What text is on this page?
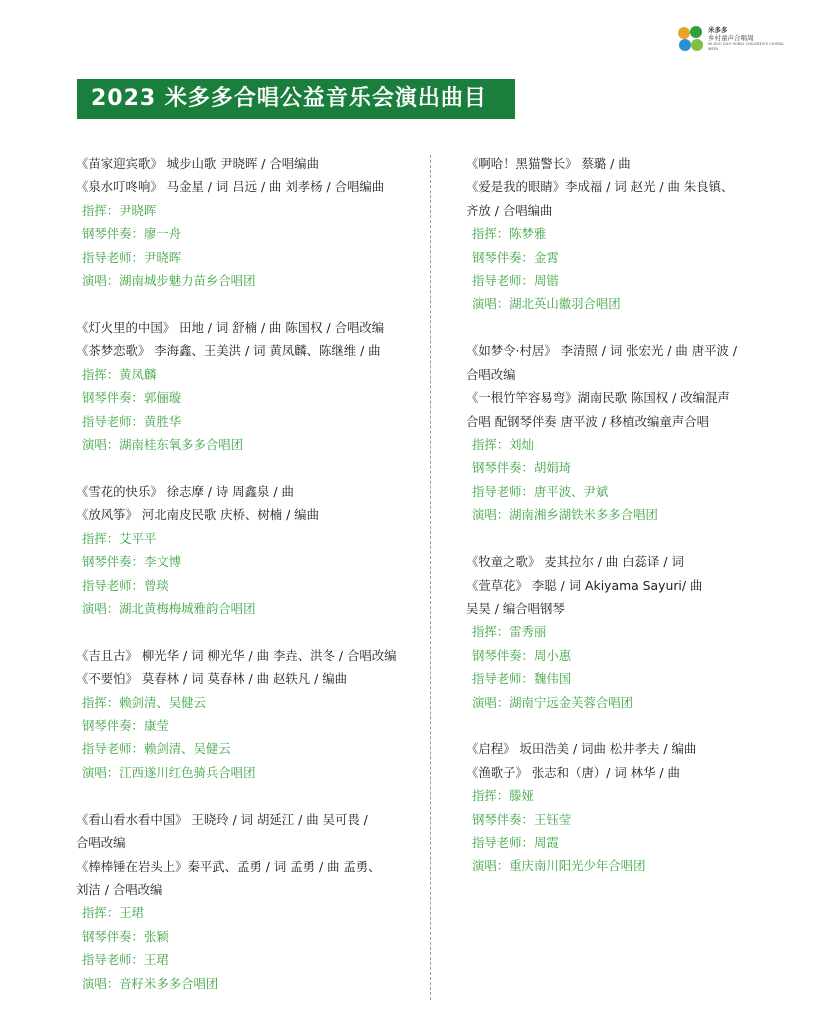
米多多
乡村童声合唱周
MI DUO DUO RURAL CHILDREN'S CHORAL WEEK
2023 米多多合唱公益音乐会演出曲目
《苗家迎宾歌》 城步山歌 尹晓晖 / 合唱编曲
《泉水叮咚响》 马金星 / 词 吕远 / 曲 刘孝杨 / 合唱编曲
指挥：尹晓晖
钢琴伴奏：廖一舟
指导老师：尹晓晖
演唱：湖南城步魅力苗乡合唱团
《灯火里的中国》 田地 / 词 舒楠 / 曲 陈国权 / 合唱改编
《茶梦恋歌》 李海鑫、王美洪 / 词 黄凤麟、陈继维 / 曲
指挥：黄凤麟
钢琴伴奏：郭俪璇
指导老师：黄胜华
演唱：湖南桂东氧多多合唱团
《雪花的快乐》 徐志摩 / 诗 周鑫泉 / 曲
《放风筝》 河北南皮民歌 庆桥、树楠 / 编曲
指挥：艾平平
钢琴伴奏：李文博
指导老师：曾琰
演唱：湖北黄梅梅城雅韵合唱团
《吉且古》 柳光华 / 词 柳光华 / 曲 李垚、洪冬 / 合唱改编
《不要怕》 莫春林 / 词 莫春林 / 曲 赵轶凡 / 编曲
指挥：赖剑清、吴健云
钢琴伴奏：康莹
指导老师：赖剑清、吴健云
演唱：江西遂川红色骑兵合唱团
《看山看水看中国》 王晓玲 / 词 胡延江 / 曲 吴可畏 /
合唱改编
《棒棒锤在岩头上》秦平武、孟勇 / 词 孟勇 / 曲 孟勇、
刘洁 / 合唱改编
指挥：王珺
钢琴伴奏：张颖
指导老师：王珺
演唱：音籽米多多合唱团
《啊哈！黑猫警长》 蔡璐 / 曲
《爱是我的眼睛》李成福 / 词 赵光 / 曲 朱良镇、
齐放 / 合唱编曲
指挥：陈梦雅
钢琴伴奏：金霄
指导老师：周锴
演唱：湖北英山徽羽合唱团
《如梦令·村居》 李清照 / 词 张宏光 / 曲 唐平波 /
合唱改编
《一根竹竿容易弯》湖南民歌 陈国权 / 改编混声
合唱 配钢琴伴奏 唐平波 / 移植改编童声合唱
指挥：刘灿
钢琴伴奏：胡娟琦
指导老师：唐平波、尹斌
演唱：湖南湘乡湖铁米多多合唱团
《牧童之歌》 麦其拉尔 / 曲 白蕊译 / 词
《萱草花》 李聪 / 词 Akiyama Sayuri/ 曲
吴昊 / 编合唱钢琴
指挥：雷秀丽
钢琴伴奏：周小惠
指导老师：魏伟国
演唱：湖南宁远金芙蓉合唱团
《启程》 坂田浩美 / 词曲 松井孝夫 / 编曲
《渔歌子》 张志和（唐）/ 词 林华 / 曲
指挥：滕娅
钢琴伴奏：王钰莹
指导老师：周霞
演唱：重庆南川阳光少年合唱团
